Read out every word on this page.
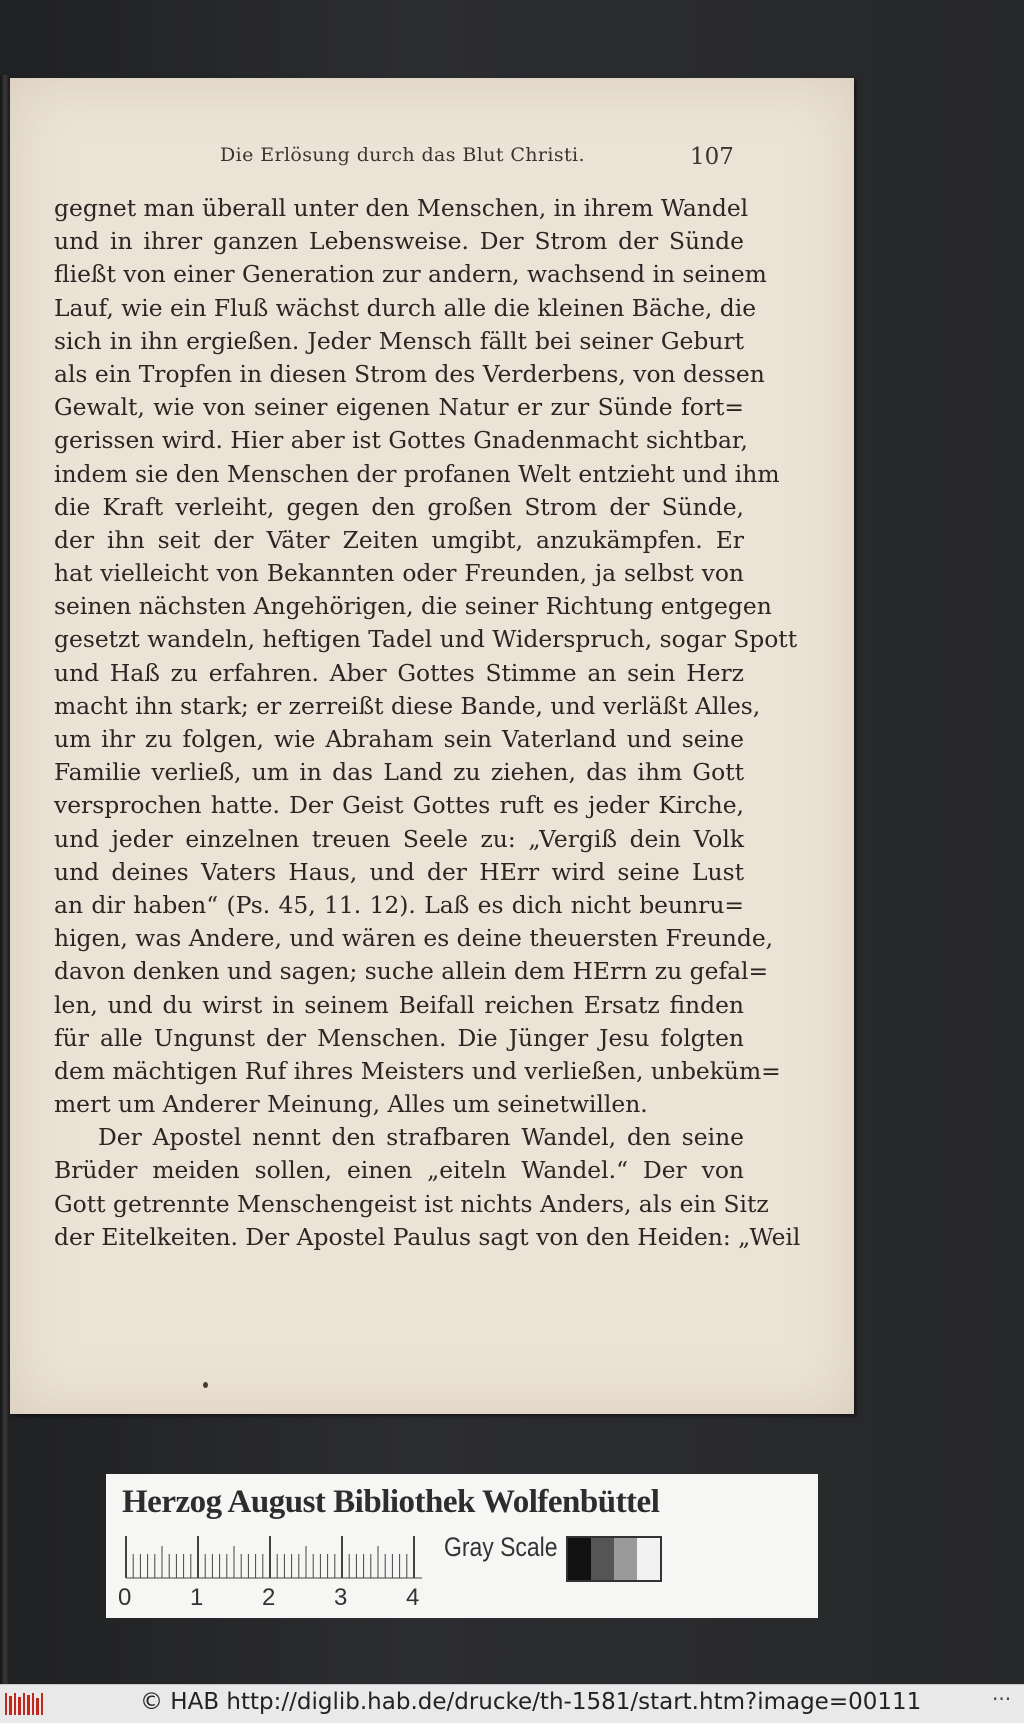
Die Erlösung durch das Blut Christi.	107
gegnet man überall unter den Menschen, in ihrem Wandel
und in ihrer ganzen Lebensweise. Der Strom der Sünde
fließt von einer Generation zur andern, wachsend in seinem
Lauf, wie ein Fluß wächst durch alle die kleinen Bäche, die
sich in ihn ergießen. Jeder Mensch fällt bei seiner Geburt
als ein Tropfen in diesen Strom des Verderbens, von dessen
Gewalt, wie von seiner eigenen Natur er zur Sünde fort=
gerissen wird. Hier aber ist Gottes Gnadenmacht sichtbar,
indem sie den Menschen der profanen Welt entzieht und ihm
die Kraft verleiht, gegen den großen Strom der Sünde,
der ihn seit der Väter Zeiten umgibt, anzukämpfen. Er
hat vielleicht von Bekannten oder Freunden, ja selbst von
seinen nächsten Angehörigen, die seiner Richtung entgegen
gesetzt wandeln, heftigen Tadel und Widerspruch, sogar Spott
und Haß zu erfahren. Aber Gottes Stimme an sein Herz
macht ihn stark; er zerreißt diese Bande, und verläßt Alles,
um ihr zu folgen, wie Abraham sein Vaterland und seine
Familie verließ, um in das Land zu ziehen, das ihm Gott
versprochen hatte. Der Geist Gottes ruft es jeder Kirche,
und jeder einzelnen treuen Seele zu: „Vergiß dein Volk
und deines Vaters Haus, und der HErr wird seine Lust
an dir haben“ (Ps. 45, 11. 12). Laß es dich nicht beunru=
higen, was Andere, und wären es deine theuersten Freunde,
davon denken und sagen; suche allein dem HErrn zu gefal=
len, und du wirst in seinem Beifall reichen Ersatz finden
für alle Ungunst der Menschen. Die Jünger Jesu folgten
dem mächtigen Ruf ihres Meisters und verließen, unbeküm=
mert um Anderer Meinung, Alles um seinetwillen.
Der Apostel nennt den strafbaren Wandel, den seine
Brüder meiden sollen, einen „eiteln Wandel.“ Der von
Gott getrennte Menschengeist ist nichts Anders, als ein Sitz
der Eitelkeiten. Der Apostel Paulus sagt von den Heiden: „Weil
Herzog August Bibliothek Wolfenbüttel
0 1 2 3 4
Gray Scale
© HAB http://diglib.hab.de/drucke/th-1581/start.htm?image=00111	···
